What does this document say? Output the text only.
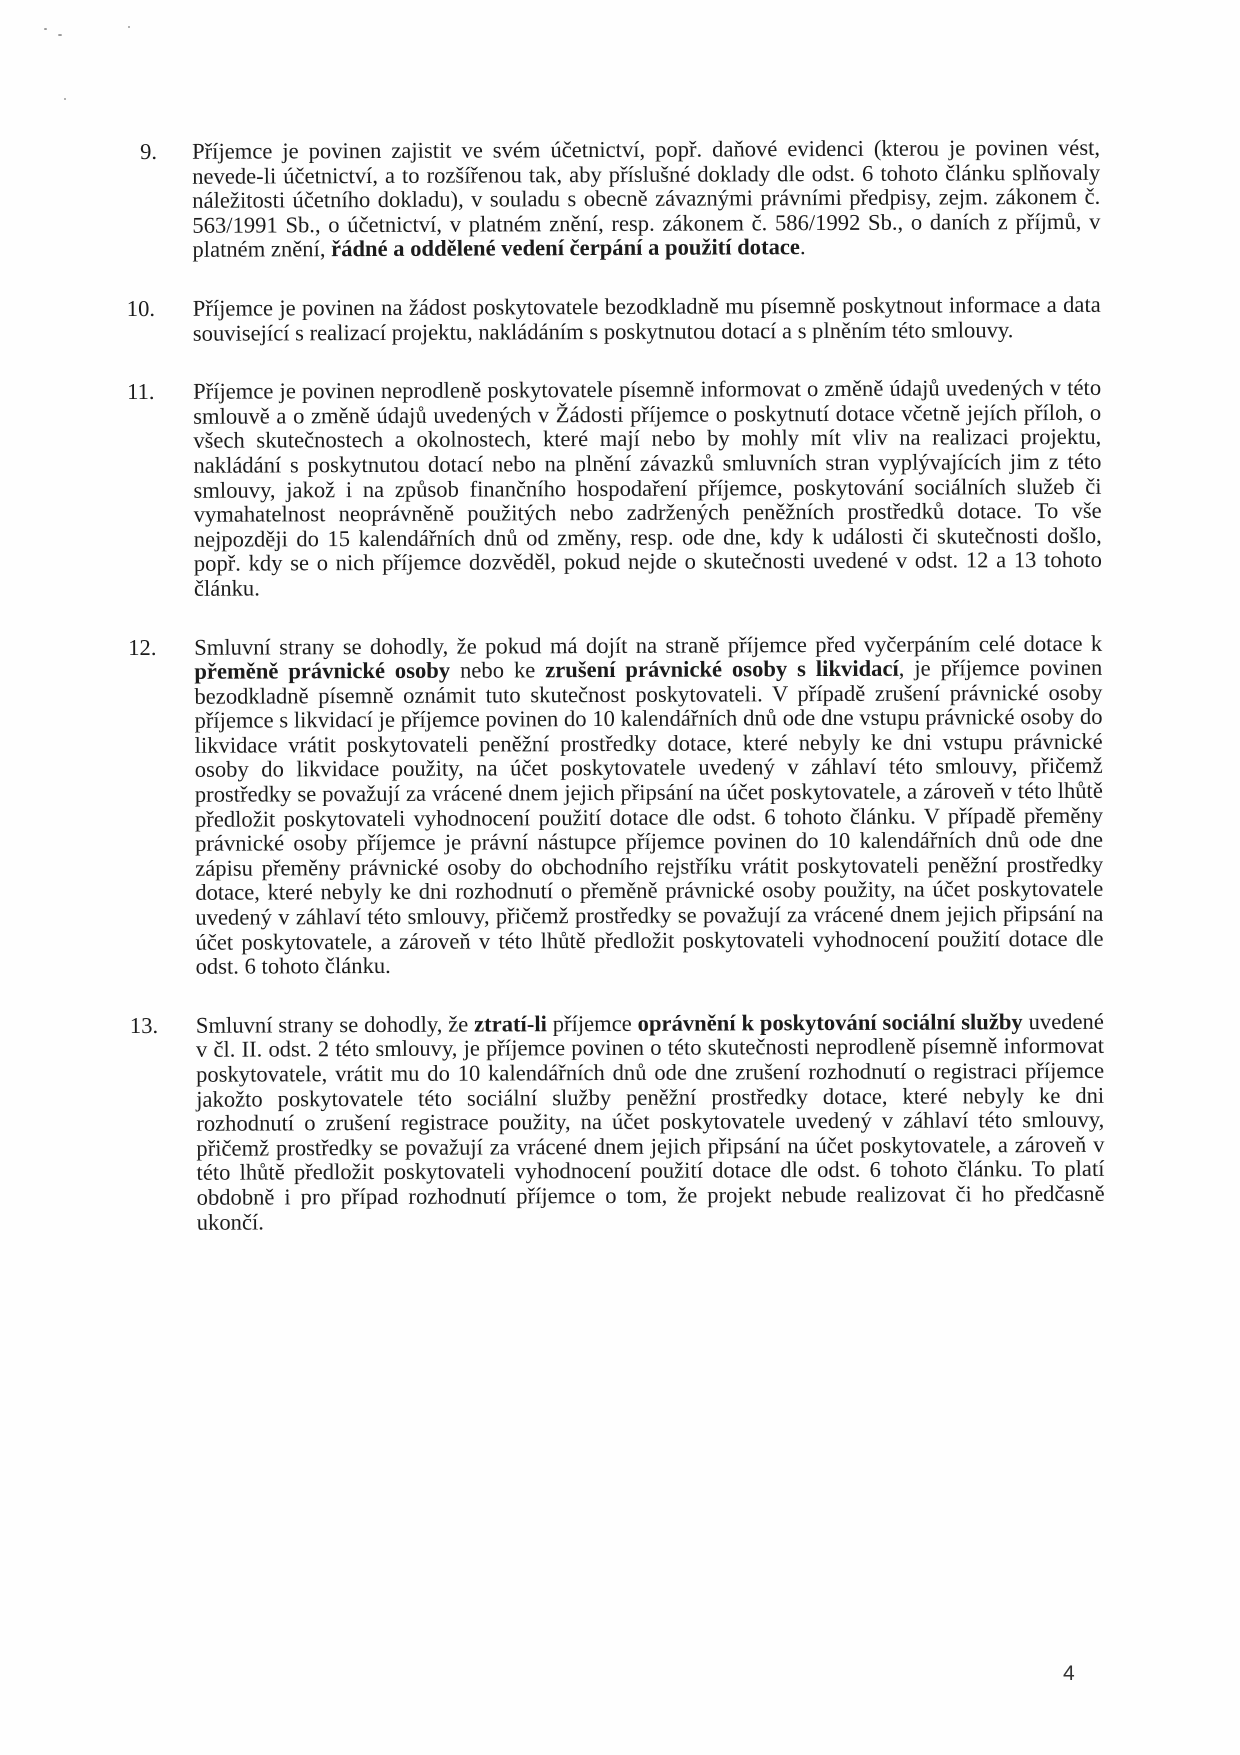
9.	Příjemce je povinen zajistit ve svém účetnictví, popř. daňové evidenci (kterou je povinen vést, nevede-li účetnictví, a to rozšířenou tak, aby příslušné doklady dle odst. 6 tohoto článku splňovaly náležitosti účetního dokladu), v souladu s obecně závaznými právními předpisy, zejm. zákonem č. 563/1991 Sb., o účetnictví, v platném znění, resp. zákonem č. 586/1992 Sb., o daních z příjmů, v platném znění, řádné a oddělené vedení čerpání a použití dotace.
10.	Příjemce je povinen na žádost poskytovatele bezodkladně mu písemně poskytnout informace a data související s realizací projektu, nakládáním s poskytnutou dotací a s plněním této smlouvy.
11.	Příjemce je povinen neprodleně poskytovatele písemně informovat o změně údajů uvedených v této smlouvě a o změně údajů uvedených v Žádosti příjemce o poskytnutí dotace včetně jejích příloh, o všech skutečnostech a okolnostech, které mají nebo by mohly mít vliv na realizaci projektu, nakládání s poskytnutou dotací nebo na plnění závazků smluvních stran vyplývajících jim z této smlouvy, jakož i na způsob finančního hospodaření příjemce, poskytování sociálních služeb či vymahatelnost neoprávněně použitých nebo zadržených peněžních prostředků dotace. To vše nejpozději do 15 kalendářních dnů od změny, resp. ode dne, kdy k události či skutečnosti došlo, popř. kdy se o nich příjemce dozvěděl, pokud nejde o skutečnosti uvedené v odst. 12 a 13 tohoto článku.
12.	Smluvní strany se dohodly, že pokud má dojít na straně příjemce před vyčerpáním celé dotace k přeměně právnické osoby nebo ke zrušení právnické osoby s likvidací, je příjemce povinen bezodkladně písemně oznámit tuto skutečnost poskytovateli. V případě zrušení právnické osoby příjemce s likvidací je příjemce povinen do 10 kalendářních dnů ode dne vstupu právnické osoby do likvidace vrátit poskytovateli peněžní prostředky dotace, které nebyly ke dni vstupu právnické osoby do likvidace použity, na účet poskytovatele uvedený v záhlaví této smlouvy, přičemž prostředky se považují za vrácené dnem jejich připsání na účet poskytovatele, a zároveň v této lhůtě předložit poskytovateli vyhodnocení použití dotace dle odst. 6 tohoto článku. V případě přeměny právnické osoby příjemce je právní nástupce příjemce povinen do 10 kalendářních dnů ode dne zápisu přeměny právnické osoby do obchodního rejstříku vrátit poskytovateli peněžní prostředky dotace, které nebyly ke dni rozhodnutí o přeměně právnické osoby použity, na účet poskytovatele uvedený v záhlaví této smlouvy, přičemž prostředky se považují za vrácené dnem jejich připsání na účet poskytovatele, a zároveň v této lhůtě předložit poskytovateli vyhodnocení použití dotace dle odst. 6 tohoto článku.
13.	Smluvní strany se dohodly, že ztratí-li příjemce oprávnění k poskytování sociální služby uvedené v čl. II. odst. 2 této smlouvy, je příjemce povinen o této skutečnosti neprodleně písemně informovat poskytovatele, vrátit mu do 10 kalendářních dnů ode dne zrušení rozhodnutí o registraci příjemce jakožto poskytovatele této sociální služby peněžní prostředky dotace, které nebyly ke dni rozhodnutí o zrušení registrace použity, na účet poskytovatele uvedený v záhlaví této smlouvy, přičemž prostředky se považují za vrácené dnem jejich připsání na účet poskytovatele, a zároveň v této lhůtě předložit poskytovateli vyhodnocení použití dotace dle odst. 6 tohoto článku. To platí obdobně i pro případ rozhodnutí příjemce o tom, že projekt nebude realizovat či ho předčasně ukončí.
4
